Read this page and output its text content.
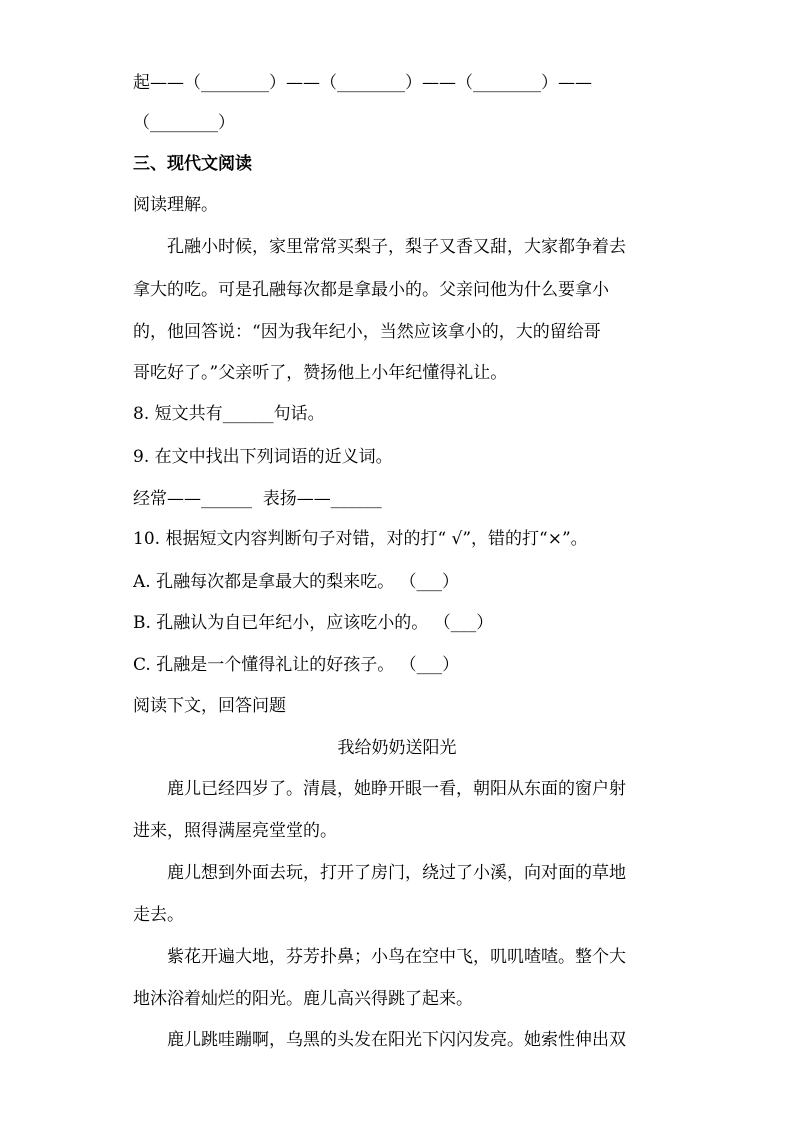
起——（________）——（________）——（________）——
（________）
三、现代文阅读
阅读理解。
　　孔融小时候，家里常常买梨子，梨子又香又甜，大家都争着去
拿大的吃。可是孔融每次都是拿最小的。父亲问他为什么要拿小
的，他回答说：“因为我年纪小，当然应该拿小的，大的留给哥
哥吃好了。”父亲听了，赞扬他上小年纪懂得礼让。
8. 短文共有______句话。
9. 在文中找出下列词语的近义词。
经常——______  表扬——______
10. 根据短文内容判断句子对错，对的打“ √”，错的打“×”。
A. 孔融每次都是拿最大的梨来吃。 （___）
B. 孔融认为自已年纪小，应该吃小的。 （___）
C. 孔融是一个懂得礼让的好孩子。 （___）
阅读下文，回答问题
我给奶奶送阳光
　　鹿儿已经四岁了。清晨，她睁开眼一看，朝阳从东面的窗户射
进来，照得满屋亮堂堂的。
　　鹿儿想到外面去玩，打开了房门，绕过了小溪，向对面的草地
走去。
　　紫花开遍大地，芬芳扑鼻；小鸟在空中飞，叽叽喳喳。整个大
地沐浴着灿烂的阳光。鹿儿高兴得跳了起来。
　　鹿儿跳哇蹦啊，乌黑的头发在阳光下闪闪发亮。她索性伸出双
